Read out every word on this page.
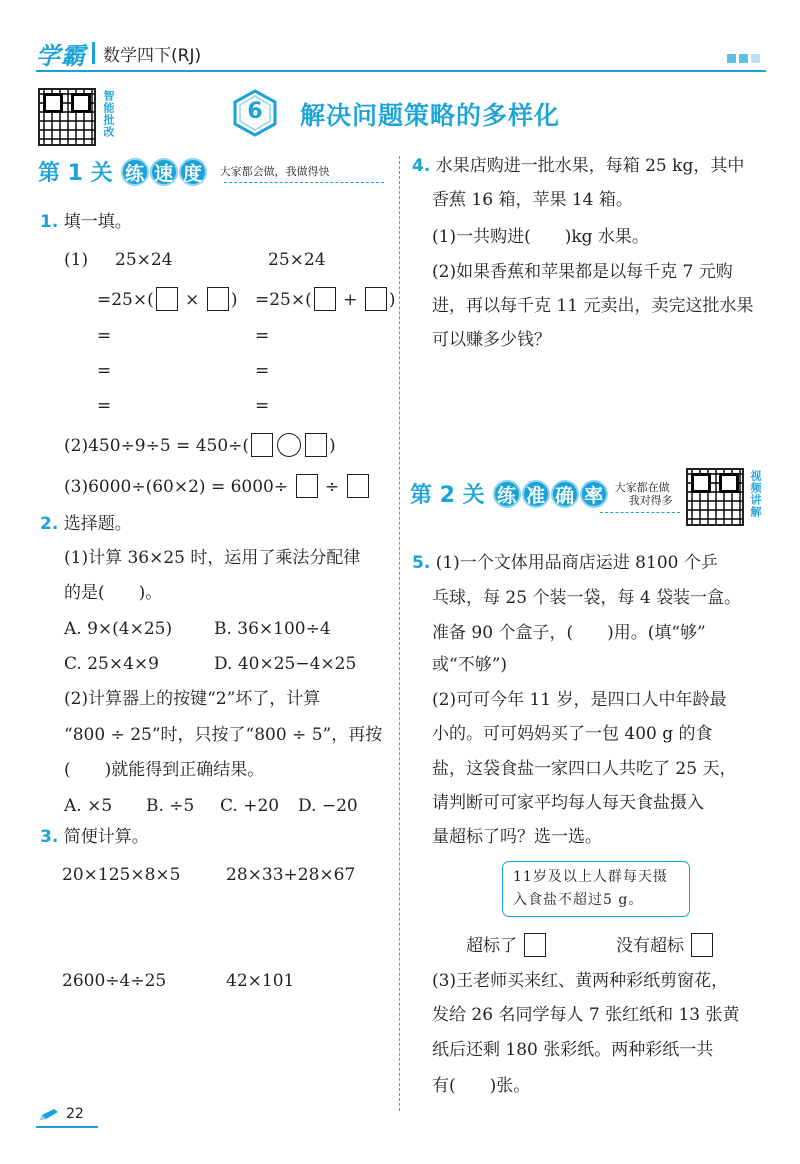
学霸 数学四下(RJ)
智能批改	6	解决问题策略的多样化
第 1 关 练 速 度	大家都会做，我做得快
1. 填一填。
(1) 25×24	25×24
=25×( × ) =25×( + )
=	=
=	=
=	=
(2)450÷9÷5 = 450÷(	)
(3)6000÷(60×2) = 6000÷ ÷
2. 选择题。
(1)计算 36×25 时，运用了乘法分配律
的是(　　)。
A. 9×(4×25) B. 36×100÷4
C. 25×4×9	D. 40×25−4×25
(2)计算器上的按键“2”坏了，计算
“800 ÷ 25”时，只按了“800 ÷ 5”，再按
(　　)就能得到正确结果。
A. ×5 B. ÷5 C. +20 D. −20
3. 简便计算。
20×125×8×5	28×33+28×67
2600÷4÷25	42×101
4. 水果店购进一批水果，每箱 25 kg，其中
香蕉 16 箱，苹果 14 箱。
(1)一共购进(　　)kg 水果。
(2)如果香蕉和苹果都是以每千克 7 元购
进，再以每千克 11 元卖出，卖完这批水果
可以赚多少钱？
第 2 关 练 准 确 率	大家都在做
我对得多	视频讲解
5. (1)一个文体用品商店运进 8100 个乒
乓球，每 25 个装一袋，每 4 袋装一盒。
准备 90 个盒子，(　　)用。(填“够”
或“不够”)
(2)可可今年 11 岁，是四口人中年龄最
小的。可可妈妈买了一包 400 g 的食
盐，这袋食盐一家四口人共吃了 25 天，
请判断可可家平均每人每天食盐摄入
量超标了吗？选一选。
11岁及以上人群每天摄
入食盐不超过5 g。
超标了	没有超标
(3)王老师买来红、黄两种彩纸剪窗花，
发给 26 名同学每人 7 张红纸和 13 张黄
纸后还剩 180 张彩纸。两种彩纸一共
有(　　)张。
22
